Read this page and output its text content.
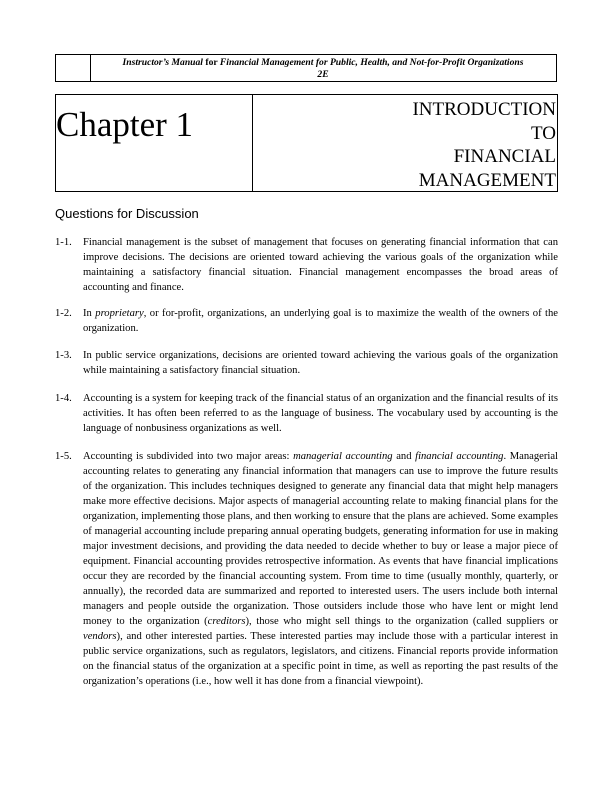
Instructor’s Manual for Financial Management for Public, Health, and Not-for-Profit Organizations
2E
Chapter 1	INTRODUCTION
TO
FINANCIAL
MANAGEMENT
Questions for Discussion
1-1. Financial management is the subset of management that focuses on generating financial information that can improve decisions. The decisions are oriented toward achieving the various goals of the organization while maintaining a satisfactory financial situation. Financial management encompasses the broad areas of accounting and finance.
1-2. In proprietary, or for-profit, organizations, an underlying goal is to maximize the wealth of the owners of the organization.
1-3. In public service organizations, decisions are oriented toward achieving the various goals of the organization while maintaining a satisfactory financial situation.
1-4. Accounting is a system for keeping track of the financial status of an organization and the financial results of its activities. It has often been referred to as the language of business. The vocabulary used by accounting is the language of nonbusiness organizations as well.
1-5. Accounting is subdivided into two major areas: managerial accounting and financial accounting. Managerial accounting relates to generating any financial information that managers can use to improve the future results of the organization. This includes techniques designed to generate any financial data that might help managers make more effective decisions. Major aspects of managerial accounting relate to making financial plans for the organization, implementing those plans, and then working to ensure that the plans are achieved. Some examples of managerial accounting include preparing annual operating budgets, generating information for use in making major investment decisions, and providing the data needed to decide whether to buy or lease a major piece of equipment. Financial accounting provides retrospective information. As events that have financial implications occur they are recorded by the financial accounting system. From time to time (usually monthly, quarterly, or annually), the recorded data are summarized and reported to interested users. The users include both internal managers and people outside the organization. Those outsiders include those who have lent or might lend money to the organization (creditors), those who might sell things to the organization (called suppliers or vendors), and other interested parties. These interested parties may include those with a particular interest in public service organizations, such as regulators, legislators, and citizens. Financial reports provide information on the financial status of the organization at a specific point in time, as well as reporting the past results of the organization’s operations (i.e., how well it has done from a financial viewpoint).
